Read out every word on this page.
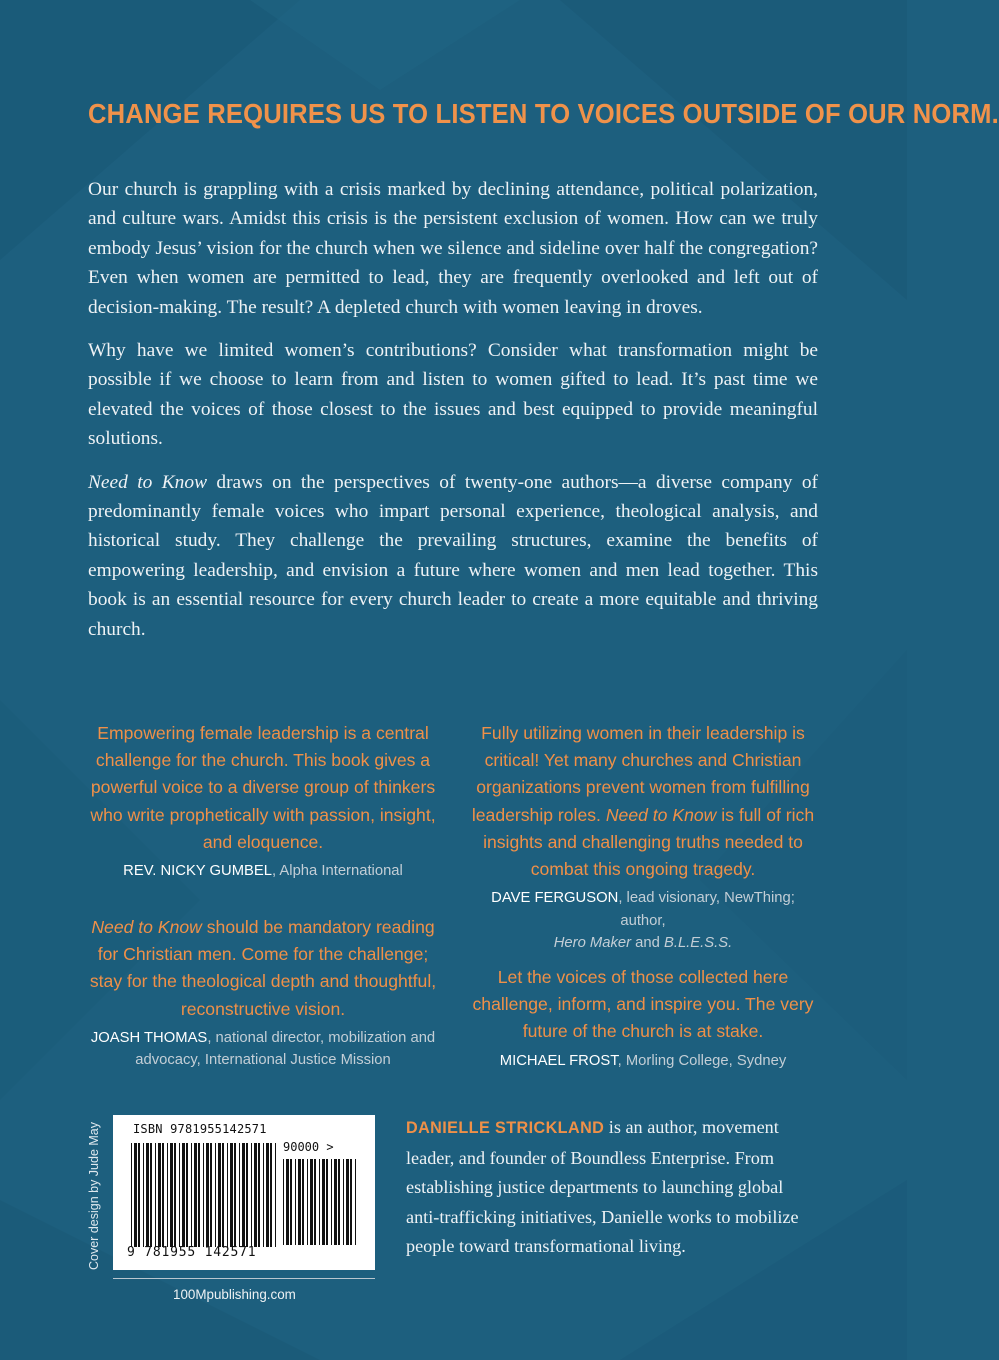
CHANGE REQUIRES US TO LISTEN TO VOICES OUTSIDE OF OUR NORM.

Our church is grappling with a crisis marked by declining attendance, political polarization, and culture wars. Amidst this crisis is the persistent exclusion of women. How can we truly embody Jesus’ vision for the church when we silence and sideline over half the congregation? Even when women are permitted to lead, they are frequently overlooked and left out of decision-making. The result? A depleted church with women leaving in droves.

Why have we limited women’s contributions? Consider what transformation might be possible if we choose to learn from and listen to women gifted to lead. It’s past time we elevated the voices of those closest to the issues and best equipped to provide meaningful solutions.

Need to Know draws on the perspectives of twenty-one authors—a diverse company of predominantly female voices who impart personal experience, theological analysis, and historical study. They challenge the prevailing structures, examine the benefits of empowering leadership, and envision a future where women and men lead together. This book is an essential resource for every church leader to create a more equitable and thriving church.

Empowering female leadership is a central challenge for the church. This book gives a powerful voice to a diverse group of thinkers who write prophetically with passion, insight, and eloquence.
REV. NICKY GUMBEL, Alpha International
Fully utilizing women in their leadership is critical! Yet many churches and Christian organizations prevent women from fulfilling leadership roles. Need to Know is full of rich insights and challenging truths needed to combat this ongoing tragedy.
DAVE FERGUSON, lead visionary, NewThing; author,
Hero Maker and B.L.E.S.S.
Need to Know should be mandatory reading for Christian men. Come for the challenge; stay for the theological depth and thoughtful, reconstructive vision.
JOASH THOMAS, national director, mobilization and advocacy, International Justice Mission
Let the voices of those collected here challenge, inform, and inspire you. The very future of the church is at stake.
MICHAEL FROST, Morling College, Sydney
Cover design by Jude May	ISBN 9781955142571
90000 >
9 781955 142571
100Mpublishing.com
DANIELLE STRICKLAND is an author, movement leader, and founder of Boundless Enterprise. From establishing justice departments to launching global anti-trafficking initiatives, Danielle works to mobilize people toward transformational living.
